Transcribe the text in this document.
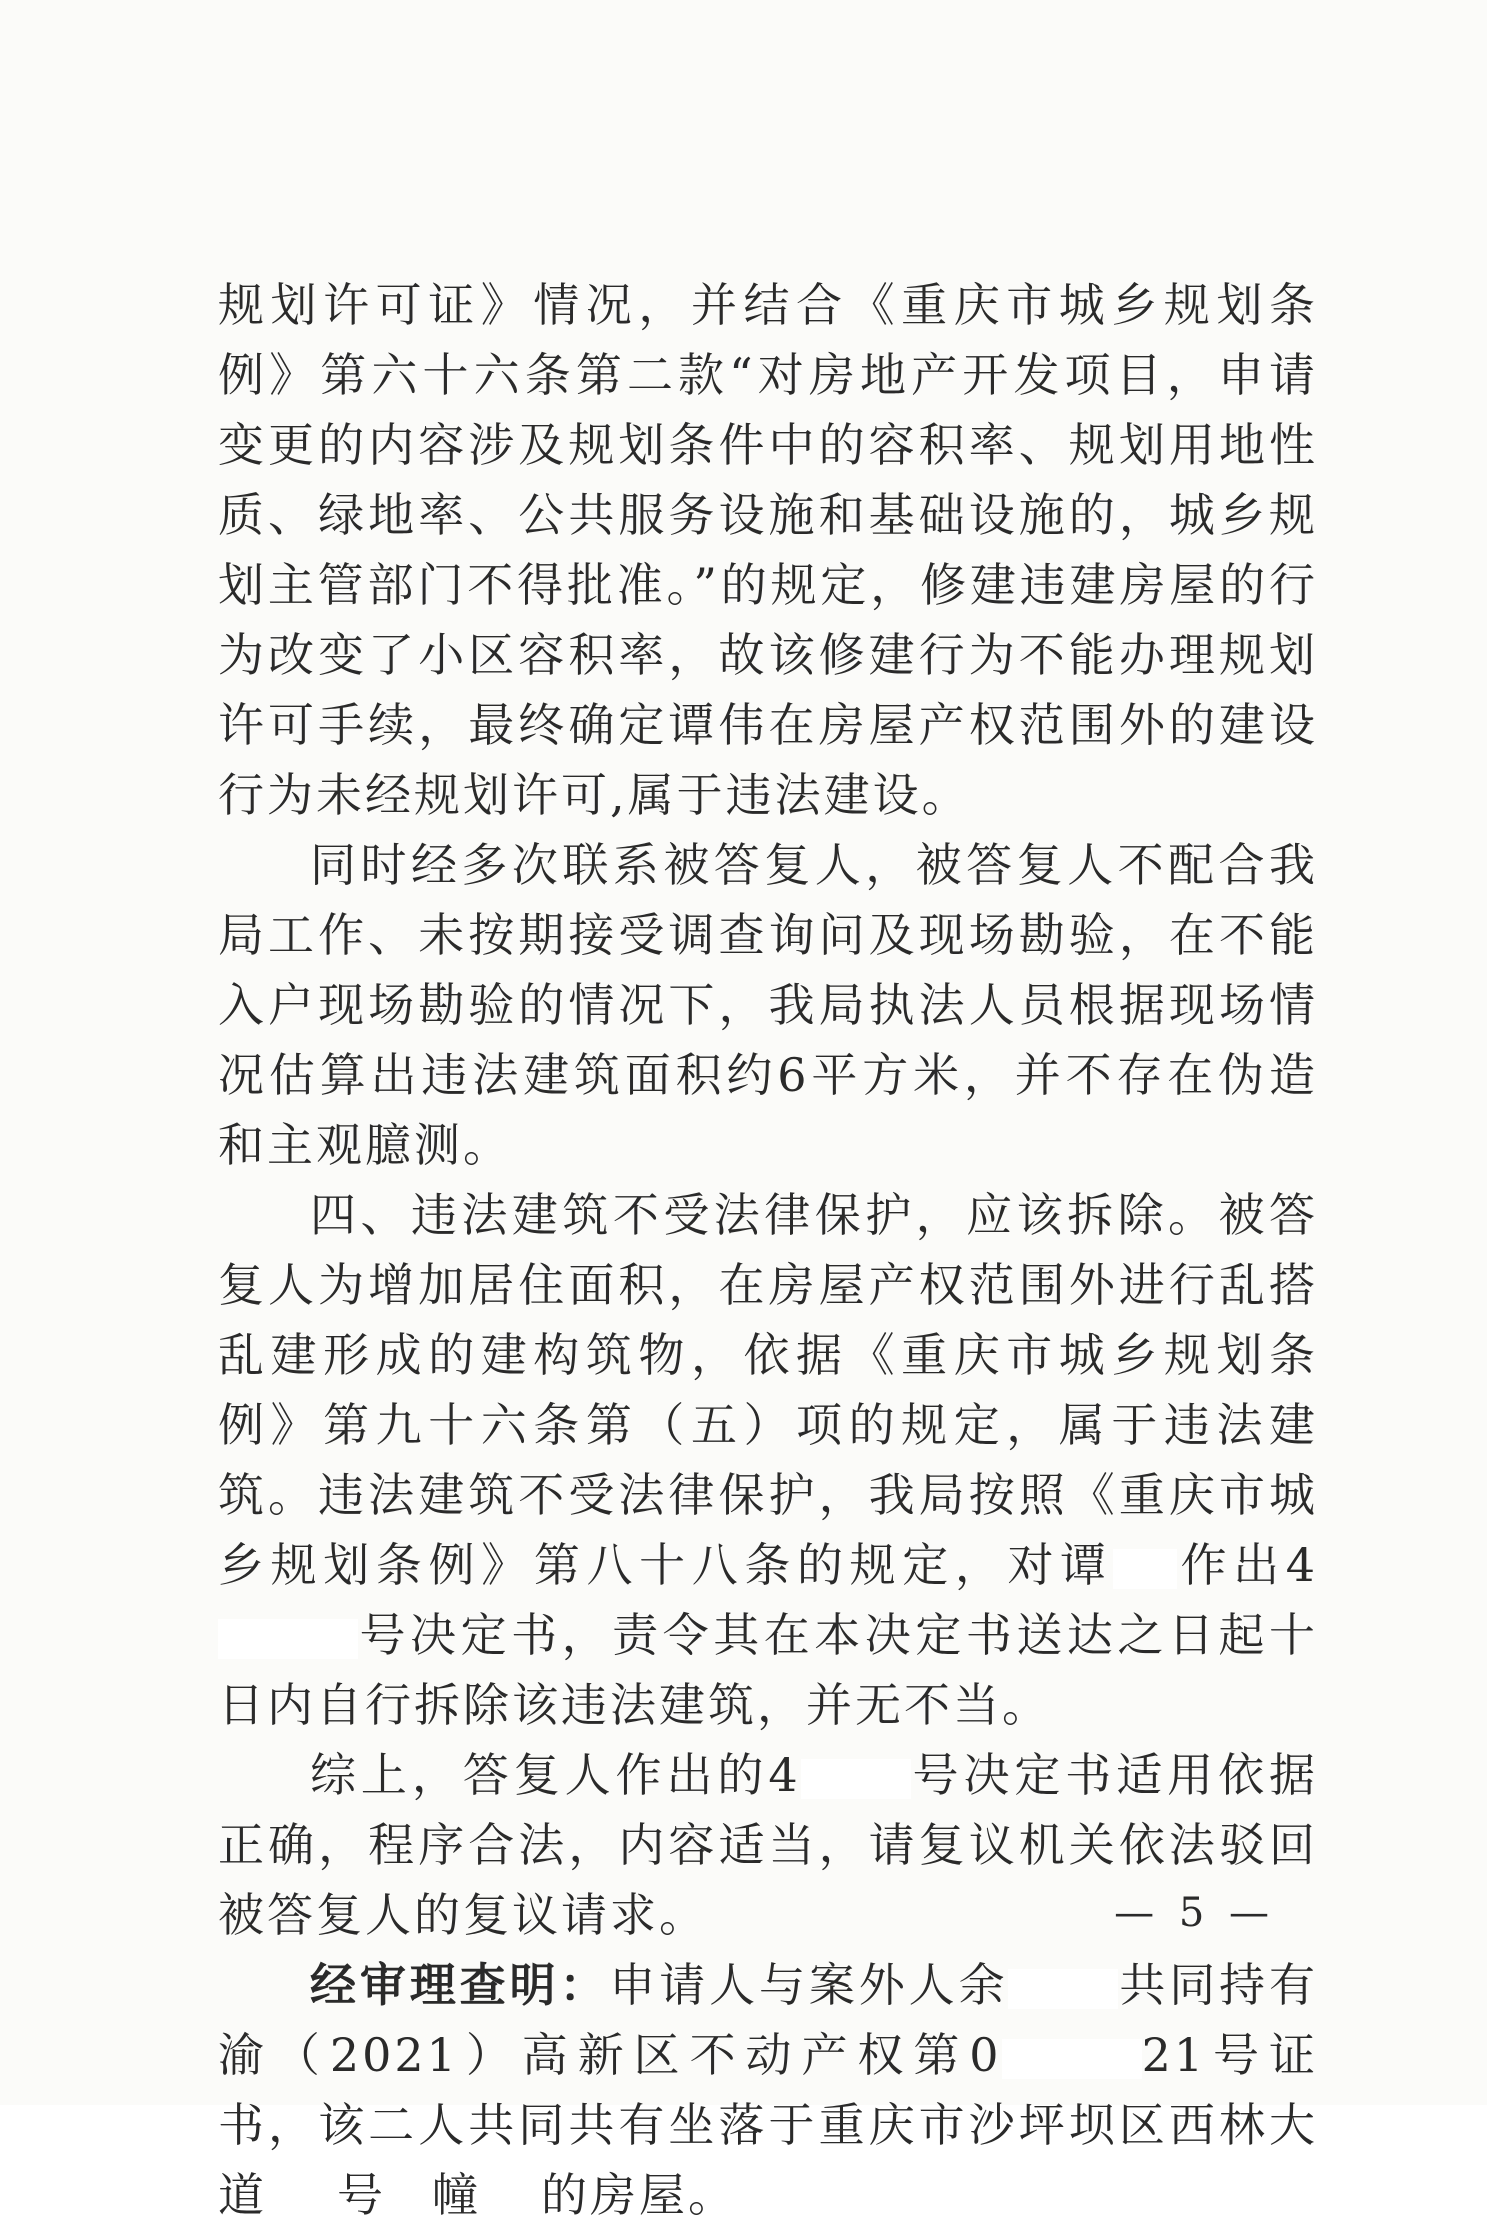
规划许可证》情况，并结合《重庆市城乡规划条例》第六十六条第二款“对房地产开发项目，申请变更的内容涉及规划条件中的容积率、规划用地性质、绿地率、公共服务设施和基础设施的，城乡规划主管部门不得批准。”的规定，修建违建房屋的行为改变了小区容积率，故该修建行为不能办理规划许可手续，最终确定谭伟在房屋产权范围外的建设行为未经规划许可,属于违法建设。

同时经多次联系被答复人，被答复人不配合我局工作、未按期接受调查询问及现场勘验，在不能入户现场勘验的情况下，我局执法人员根据现场情况估算出违法建筑面积约6平方米，并不存在伪造和主观臆测。

四、违法建筑不受法律保护，应该拆除。被答复人为增加居住面积，在房屋产权范围外进行乱搭乱建形成的建构筑物，依据《重庆市城乡规划条例》第九十六条第（五）项的规定，属于违法建筑。违法建筑不受法律保护，我局按照《重庆市城乡规划条例》第八十八条的规定，对谭 作出4号决定书，责令其在本决定书送达之日起十日内自行拆除该违法建筑，并无不当。

综上，答复人作出的4 号决定书适用依据正确，程序合法，内容适当，请复议机关依法驳回被答复人的复议请求。

经审理查明：申请人与案外人余 共同持有渝（2021）高新区不动产权第0	21号证书，该二人共同共有坐落于重庆市沙坪坝区西林大道 号 幢 的房屋。

— 5 —
